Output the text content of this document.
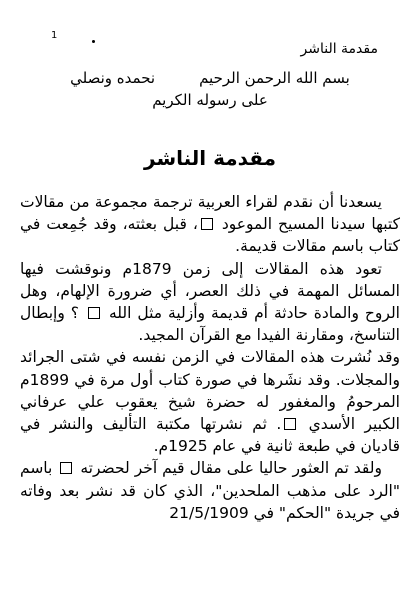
1
مقدمة الناشر
بسم الله الرحمن الرحيمنحمده ونصلي
على رسوله الكريم
مقدمة الناشر

يسعدنا أن نقدم لقراء العربية ترجمة مجموعة من مقالات كتبها سيدنا المسيح الموعود ، قبل بعثته، وقد جُمِعت في كتاب باسم مقالات قديمة.

تعود هذه المقالات إلى زمن 1879م ونوقشت فيها المسائل المهمة في ذلك العصر، أي ضرورة الإلهام، وهل الروح والمادة حادثة أم قديمة وأزلية مثل الله  ؟ وإبطال التناسخ، ومقارنة الفيدا مع القرآن المجيد.

وقد نُشرت هذه المقالات في الزمن نفسه في شتى الجرائد والمجلات. وقد نشَرها في صورة كتاب أول مرة في 1899م المرحومُ والمغفور له حضرة شيخ يعقوب علي عرفاني الكبير الأسدي . ثم نشرتها مكتبة التأليف والنشر في قاديان في طبعة ثانية في عام 1925م.

ولقد تم العثور حاليا على مقال قيم آخر لحضرته  باسم "الرد على مذهب الملحدين"، الذي كان قد نشر بعد وفاته في جريدة "الحكم" في 21/5/1909
